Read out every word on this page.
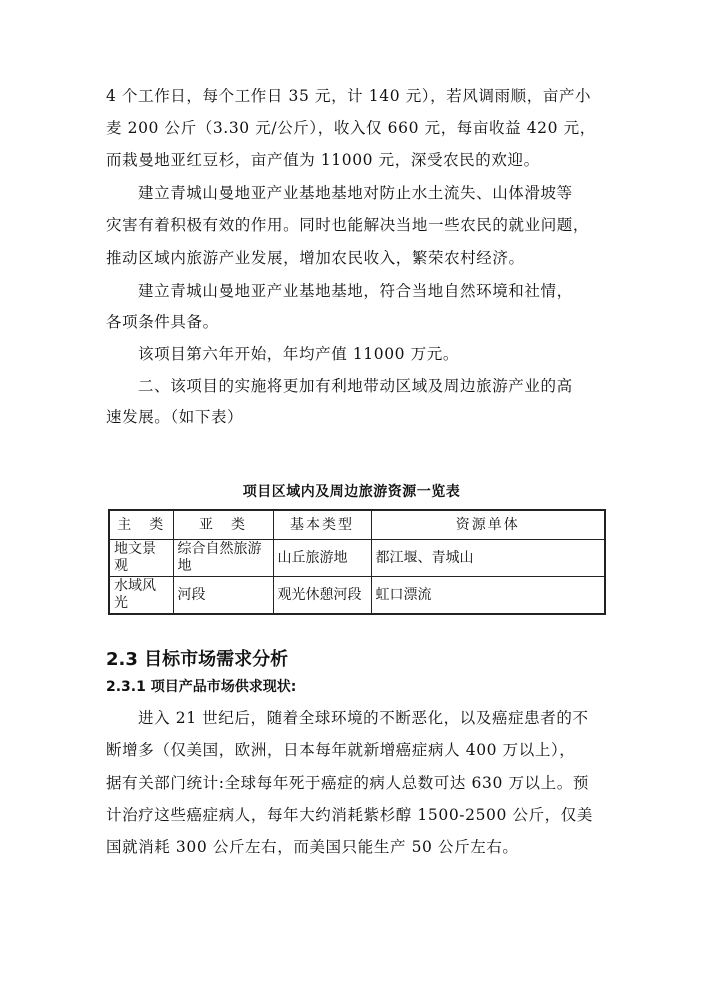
4 个工作日，每个工作日 35 元，计 140 元），若风调雨顺，亩产小
麦 200 公斤（3.30 元/公斤），收入仅 660 元，每亩收益 420 元，
而栽曼地亚红豆杉，亩产值为 11000 元，深受农民的欢迎。
建立青城山曼地亚产业基地基地对防止水土流失、山体滑坡等
灾害有着积极有效的作用。同时也能解决当地一些农民的就业问题，
推动区域内旅游产业发展，增加农民收入，繁荣农村经济。
建立青城山曼地亚产业基地基地，符合当地自然环境和社情，
各项条件具备。
该项目第六年开始，年均产值 11000 万元。
二、该项目的实施将更加有利地带动区域及周边旅游产业的高
速发展。（如下表）
项目区域内及周边旅游资源一览表
主　类	亚　类	基本类型	资源单体
地文景观	综合自然旅游地	山丘旅游地	都江堰、青城山
水域风光	河段	观光休憩河段	虹口漂流
2.3 目标市场需求分析
2.3.1 项目产品市场供求现状:
进入 21 世纪后，随着全球环境的不断恶化，以及癌症患者的不
断增多（仅美国，欧洲，日本每年就新增癌症病人 400 万以上），
据有关部门统计:全球每年死于癌症的病人总数可达 630 万以上。预
计治疗这些癌症病人，每年大约消耗紫杉醇 1500-2500 公斤，仅美
国就消耗 300 公斤左右，而美国只能生产 50 公斤左右。
